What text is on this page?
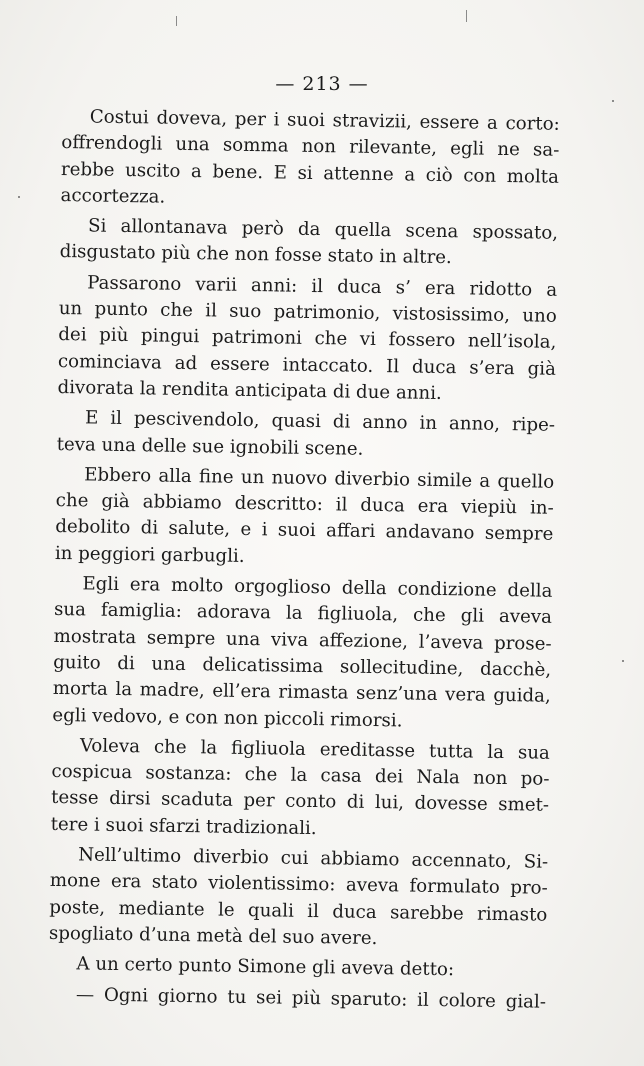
— 213 —

Costui doveva, per i suoi stravizii, essere a corto:
offrendogli una somma non rilevante, egli ne sa-
rebbe uscito a bene. E si attenne a ciò con molta
accortezza.

Si allontanava però da quella scena spossato,
disgustato più che non fosse stato in altre.

Passarono varii anni: il duca s’ era ridotto a
un punto che il suo patrimonio, vistosissimo, uno
dei più pingui patrimoni che vi fossero nell’isola,
cominciava ad essere intaccato. Il duca s’era già
divorata la rendita anticipata di due anni.

E il pescivendolo, quasi di anno in anno, ripe-
teva una delle sue ignobili scene.

Ebbero alla fine un nuovo diverbio simile a quello
che già abbiamo descritto: il duca era viepiù in-
debolito di salute, e i suoi affari andavano sempre
in peggiori garbugli.

Egli era molto orgoglioso della condizione della
sua famiglia: adorava la figliuola, che gli aveva
mostrata sempre una viva affezione, l’aveva prose-
guito di una delicatissima sollecitudine, dacchè,
morta la madre, ell’era rimasta senz’una vera guida,
egli vedovo, e con non piccoli rimorsi.

Voleva che la figliuola ereditasse tutta la sua
cospicua sostanza: che la casa dei Nala non po-
tesse dirsi scaduta per conto di lui, dovesse smet-
tere i suoi sfarzi tradizionali.

Nell’ultimo diverbio cui abbiamo accennato, Si-
mone era stato violentissimo: aveva formulato pro-
poste, mediante le quali il duca sarebbe rimasto
spogliato d’una metà del suo avere.

A un certo punto Simone gli aveva detto:

— Ogni giorno tu sei più sparuto: il colore gial-
